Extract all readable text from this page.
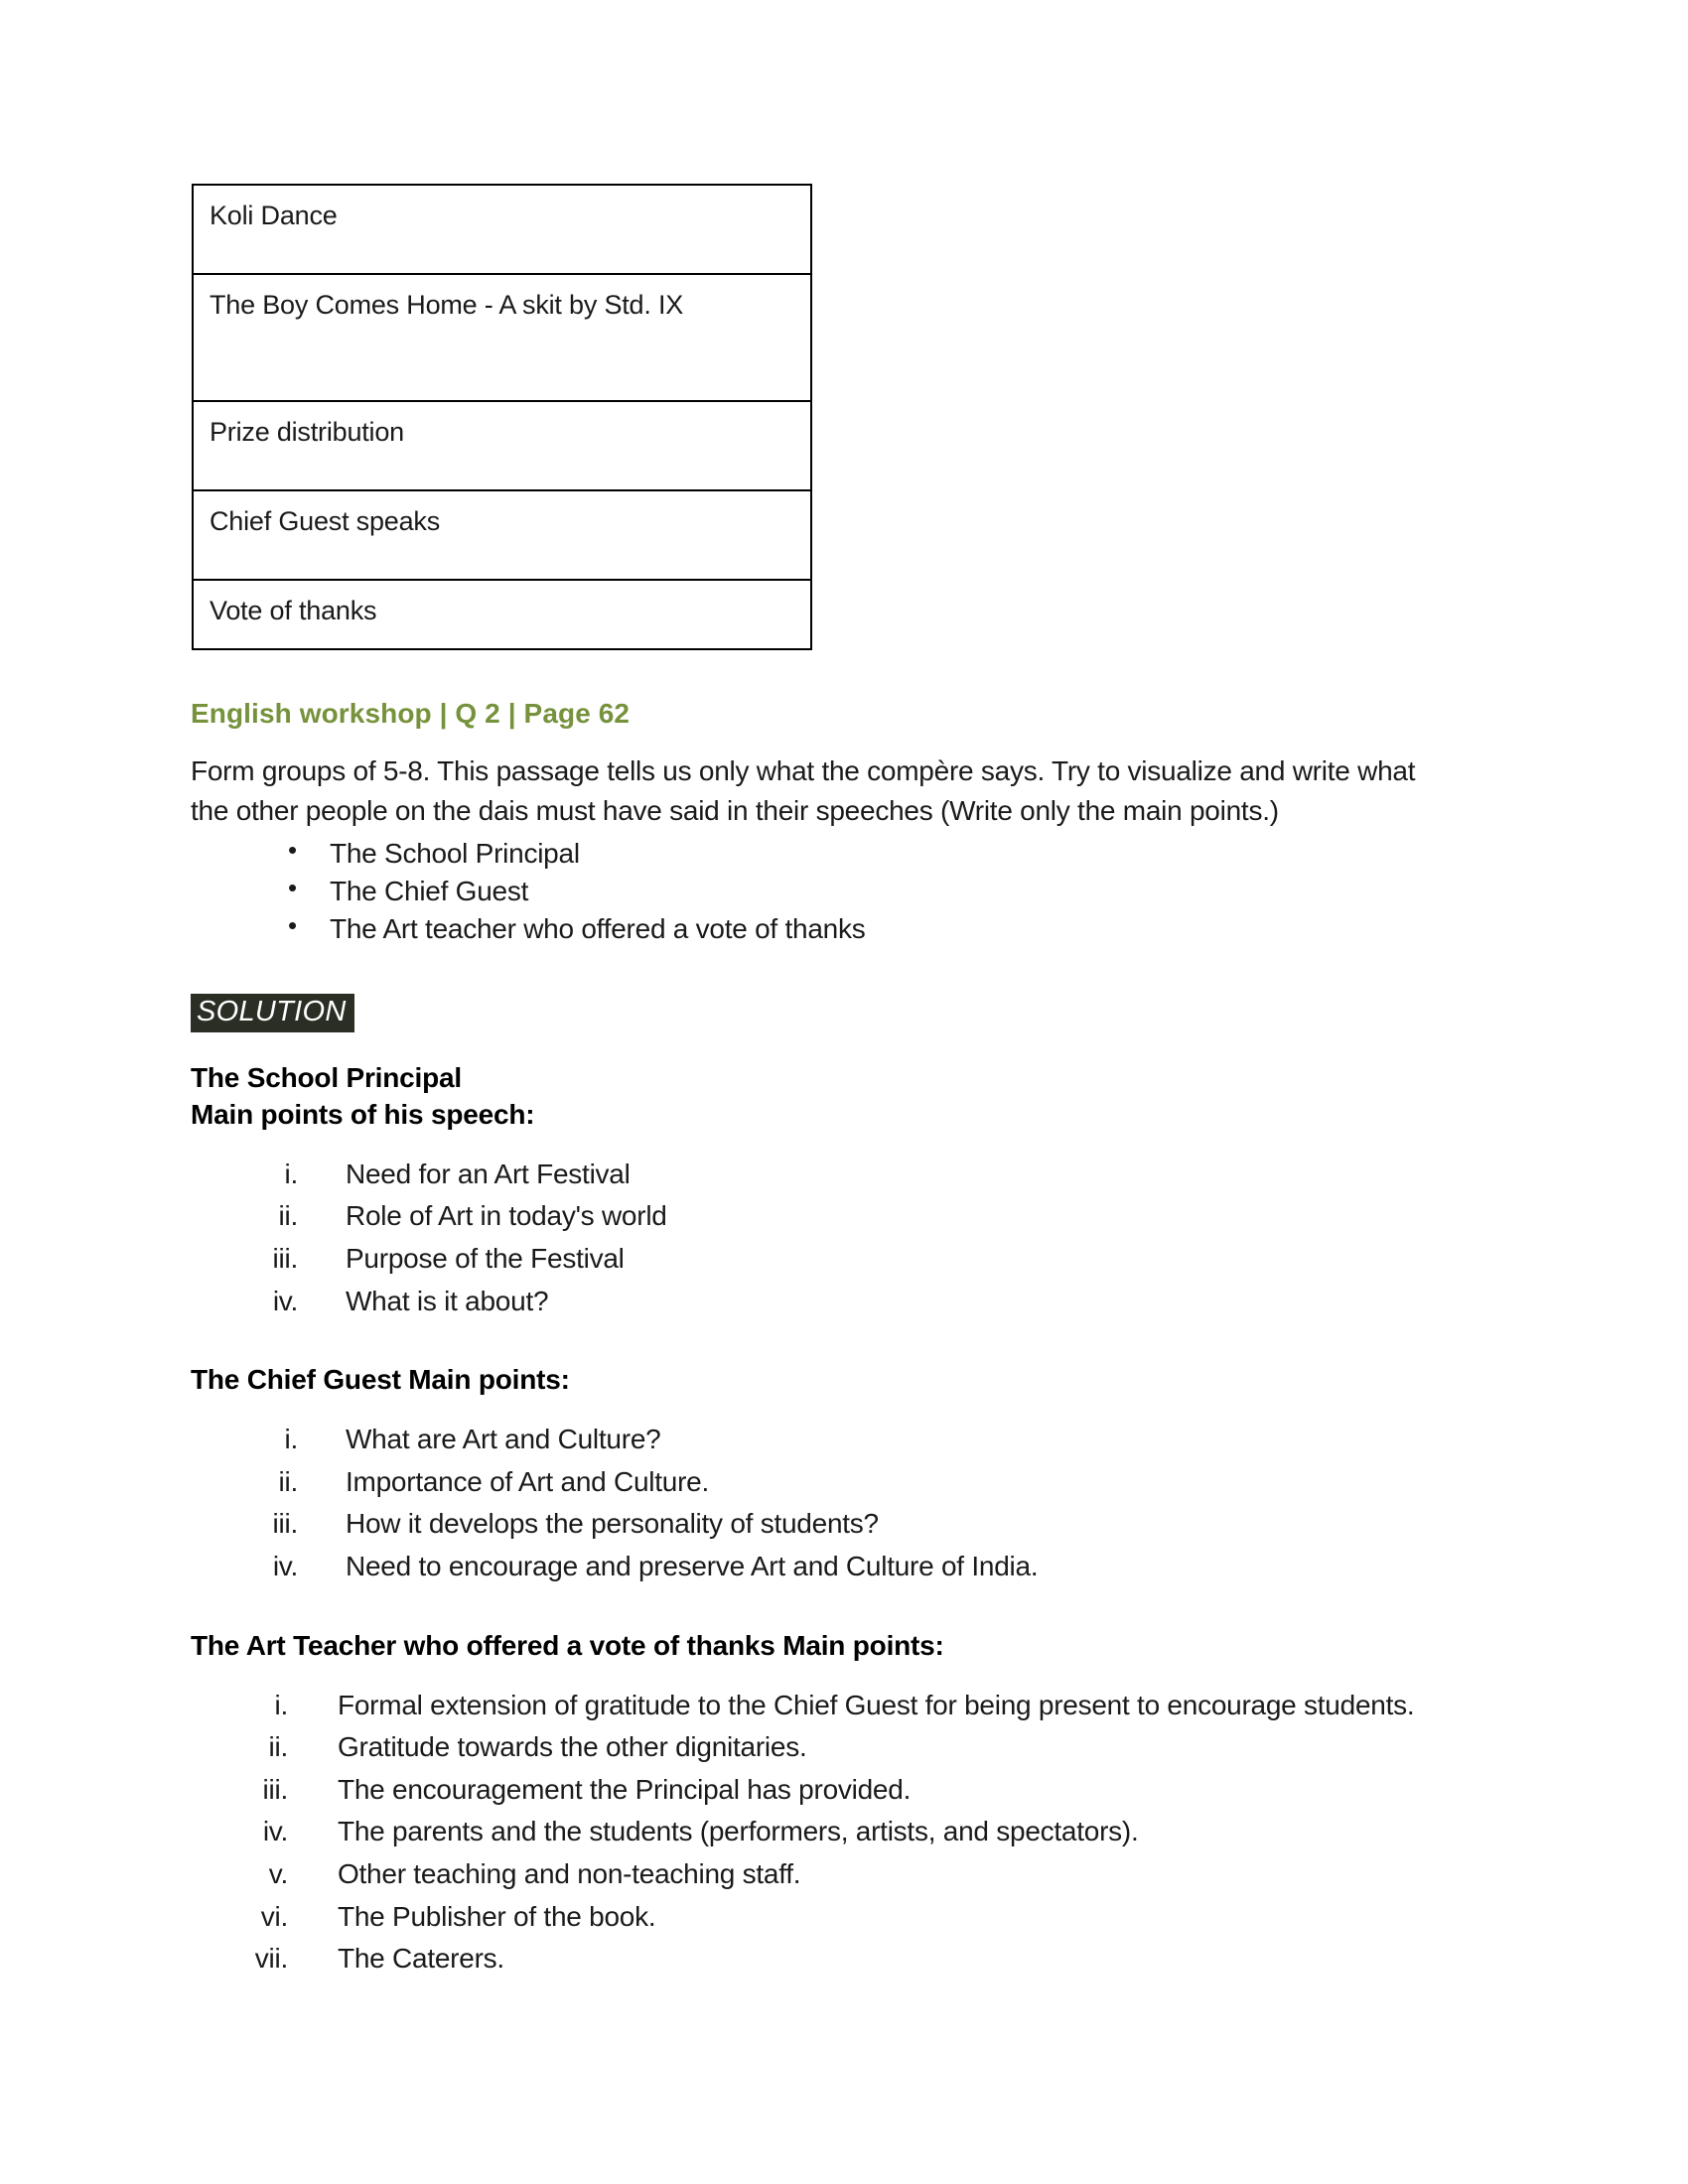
Koli Dance
The Boy Comes Home - A skit by Std. IX
Prize distribution
Chief Guest speaks
Vote of thanks
English workshop | Q 2 | Page 62

Form groups of 5-8. This passage tells us only what the compère says. Try to visualize and write what the other people on the dais must have said in their speeches (Write only the main points.)

• The School Principal
• The Chief Guest
• The Art teacher who offered a vote of thanks
SOLUTION
The School Principal
Main points of his speech:
Need for an Art Festival
Role of Art in today's world
Purpose of the Festival
What is it about?
The Chief Guest Main points:
What are Art and Culture?
Importance of Art and Culture.
How it develops the personality of students?
Need to encourage and preserve Art and Culture of India.
The Art Teacher who offered a vote of thanks Main points:
Formal extension of gratitude to the Chief Guest for being present to encourage students.
Gratitude towards the other dignitaries.
The encouragement the Principal has provided.
The parents and the students (performers, artists, and spectators).
Other teaching and non-teaching staff.
The Publisher of the book.
The Caterers.
